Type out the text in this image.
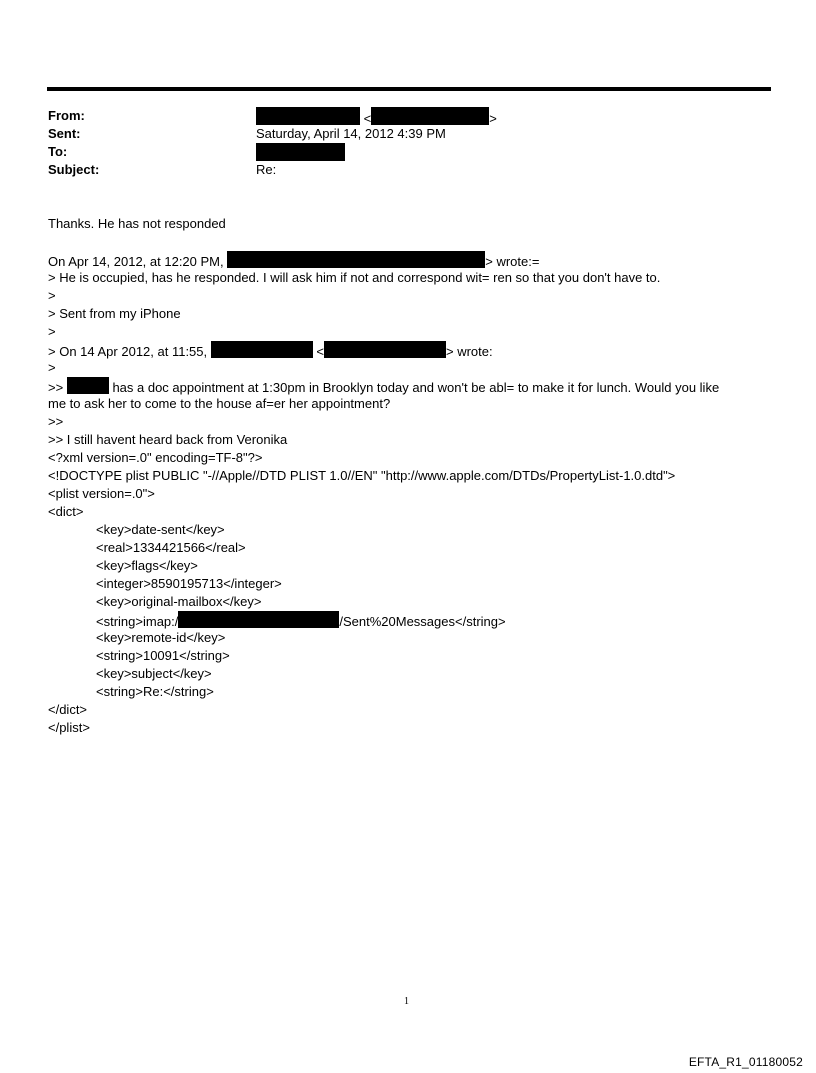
From:	<	>
Sent:	Saturday, April 14, 2012 4:39 PM
To:
Subject:	Re:
Thanks. He has not responded
On Apr 14, 2012, at 12:20 PM,	> wrote:=
> He is occupied, has he responded. I will ask him if not and correspond wit= ren so that you don't have to.
>
> Sent from my iPhone
>
> On 14 Apr 2012, at 11:55,	<	> wrote:
>
>>	has a doc appointment at 1:30pm in Brooklyn today and won't be abl= to make it for lunch. Would you like
me to ask her to come to the house af=er her appointment?
>>
>> I still havent heard back from Veronika
<?xml version=.0" encoding=TF-8"?>
<!DOCTYPE plist PUBLIC "-//Apple//DTD PLIST 1.0//EN" "http://www.apple.com/DTDs/PropertyList-1.0.dtd">
<plist version=.0">
<dict>
<key>date-sent</key>
<real>1334421566</real>
<key>flags</key>
<integer>8590195713</integer>
<key>original-mailbox</key>
<string>imap:/	/Sent%20Messages</string>
<key>remote-id</key>
<string>10091</string>
<key>subject</key>
<string>Re:</string>
</dict>
</plist>
1
EFTA_R1_01180052
